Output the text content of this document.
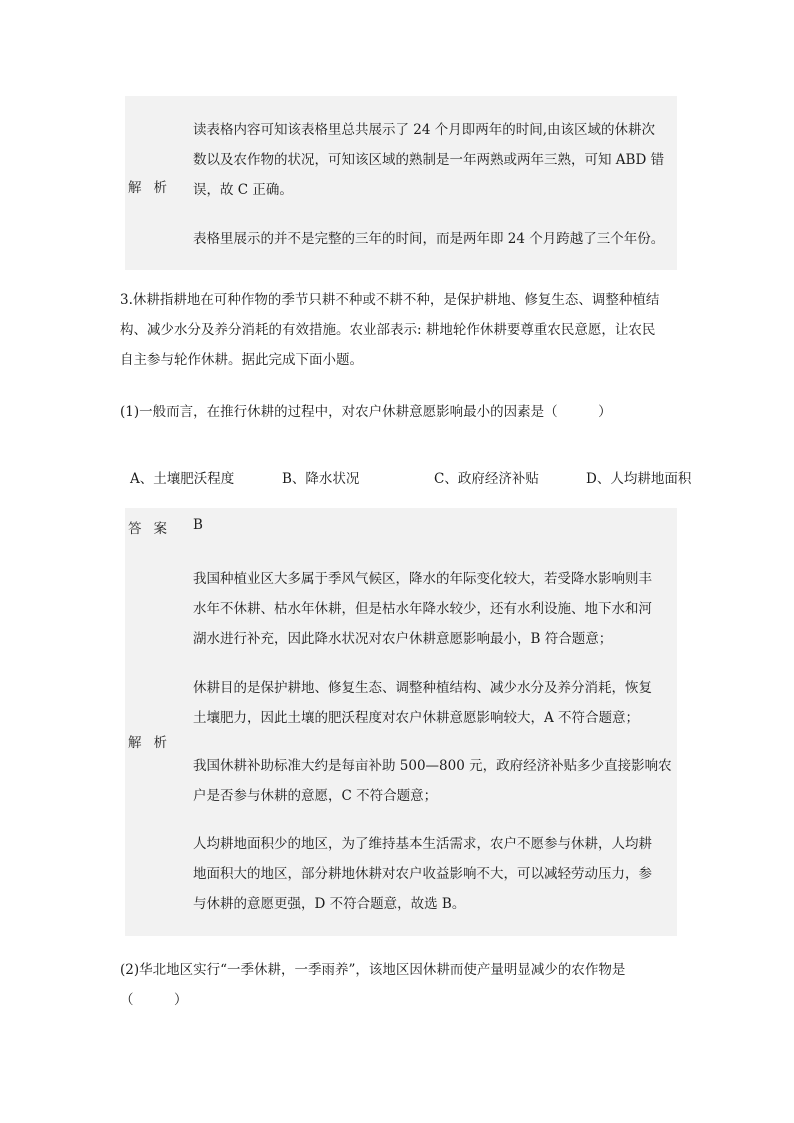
解 析
读表格内容可知该表格里总共展示了 24 个月即两年的时间,由该区域的休耕次
数以及农作物的状况，可知该区域的熟制是一年两熟或两年三熟，可知 ABD 错
误，故 C 正确。
表格里展示的并不是完整的三年的时间，而是两年即 24 个月跨越了三个年份。
3.休耕指耕地在可种作物的季节只耕不种或不耕不种，是保护耕地、修复生态、调整种植结
构、减少水分及养分消耗的有效措施。农业部表示: 耕地轮作休耕要尊重农民意愿，让农民
自主参与轮作休耕。据此完成下面小题。
(1)一般而言，在推行休耕的过程中，对农户休耕意愿影响最小的因素是（　　　）
A、土壤肥沃程度	B、降水状况	C、政府经济补贴	D、人均耕地面积
答 案 B
解 析
我国种植业区大多属于季风气候区，降水的年际变化较大，若受降水影响则丰
水年不休耕、枯水年休耕，但是枯水年降水较少，还有水利设施、地下水和河
湖水进行补充，因此降水状况对农户休耕意愿影响最小，B 符合题意；
休耕目的是保护耕地、修复生态、调整种植结构、减少水分及养分消耗，恢复
土壤肥力，因此土壤的肥沃程度对农户休耕意愿影响较大，A 不符合题意；
我国休耕补助标准大约是每亩补助 500—800 元，政府经济补贴多少直接影响农
户是否参与休耕的意愿，C 不符合题意；
人均耕地面积少的地区，为了维持基本生活需求，农户不愿参与休耕，人均耕
地面积大的地区，部分耕地休耕对农户收益影响不大，可以减轻劳动压力，参
与休耕的意愿更强，D 不符合题意，故选 B。
(2)华北地区实行“一季休耕，一季雨养”，该地区因休耕而使产量明显减少的农作物是
（　　　）
